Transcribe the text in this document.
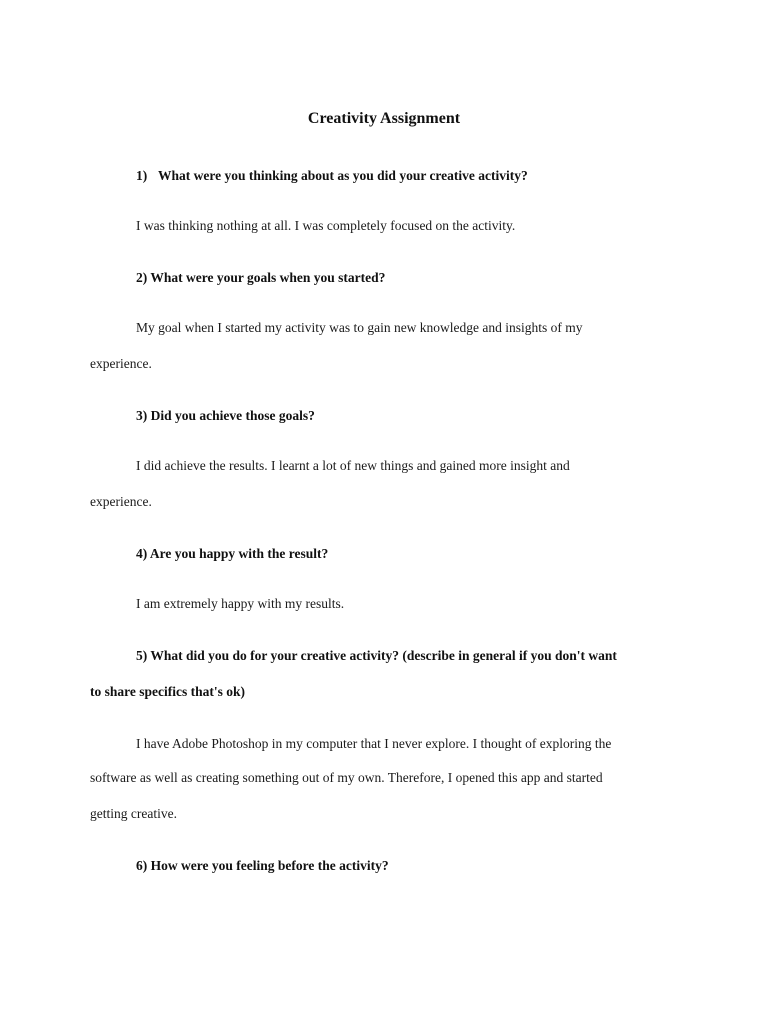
Creativity Assignment
1) What were you thinking about as you did your creative activity?
I was thinking nothing at all. I was completely focused on the activity.
2) What were your goals when you started?
My goal when I started my activity was to gain new knowledge and insights of my
experience.
3) Did you achieve those goals?
I did achieve the results. I learnt a lot of new things and gained more insight and
experience.
4) Are you happy with the result?
I am extremely happy with my results.
5) What did you do for your creative activity? (describe in general if you don't want
to share specifics that's ok)
I have Adobe Photoshop in my computer that I never explore. I thought of exploring the
software as well as creating something out of my own. Therefore, I opened this app and started
getting creative.
6) How were you feeling before the activity?
